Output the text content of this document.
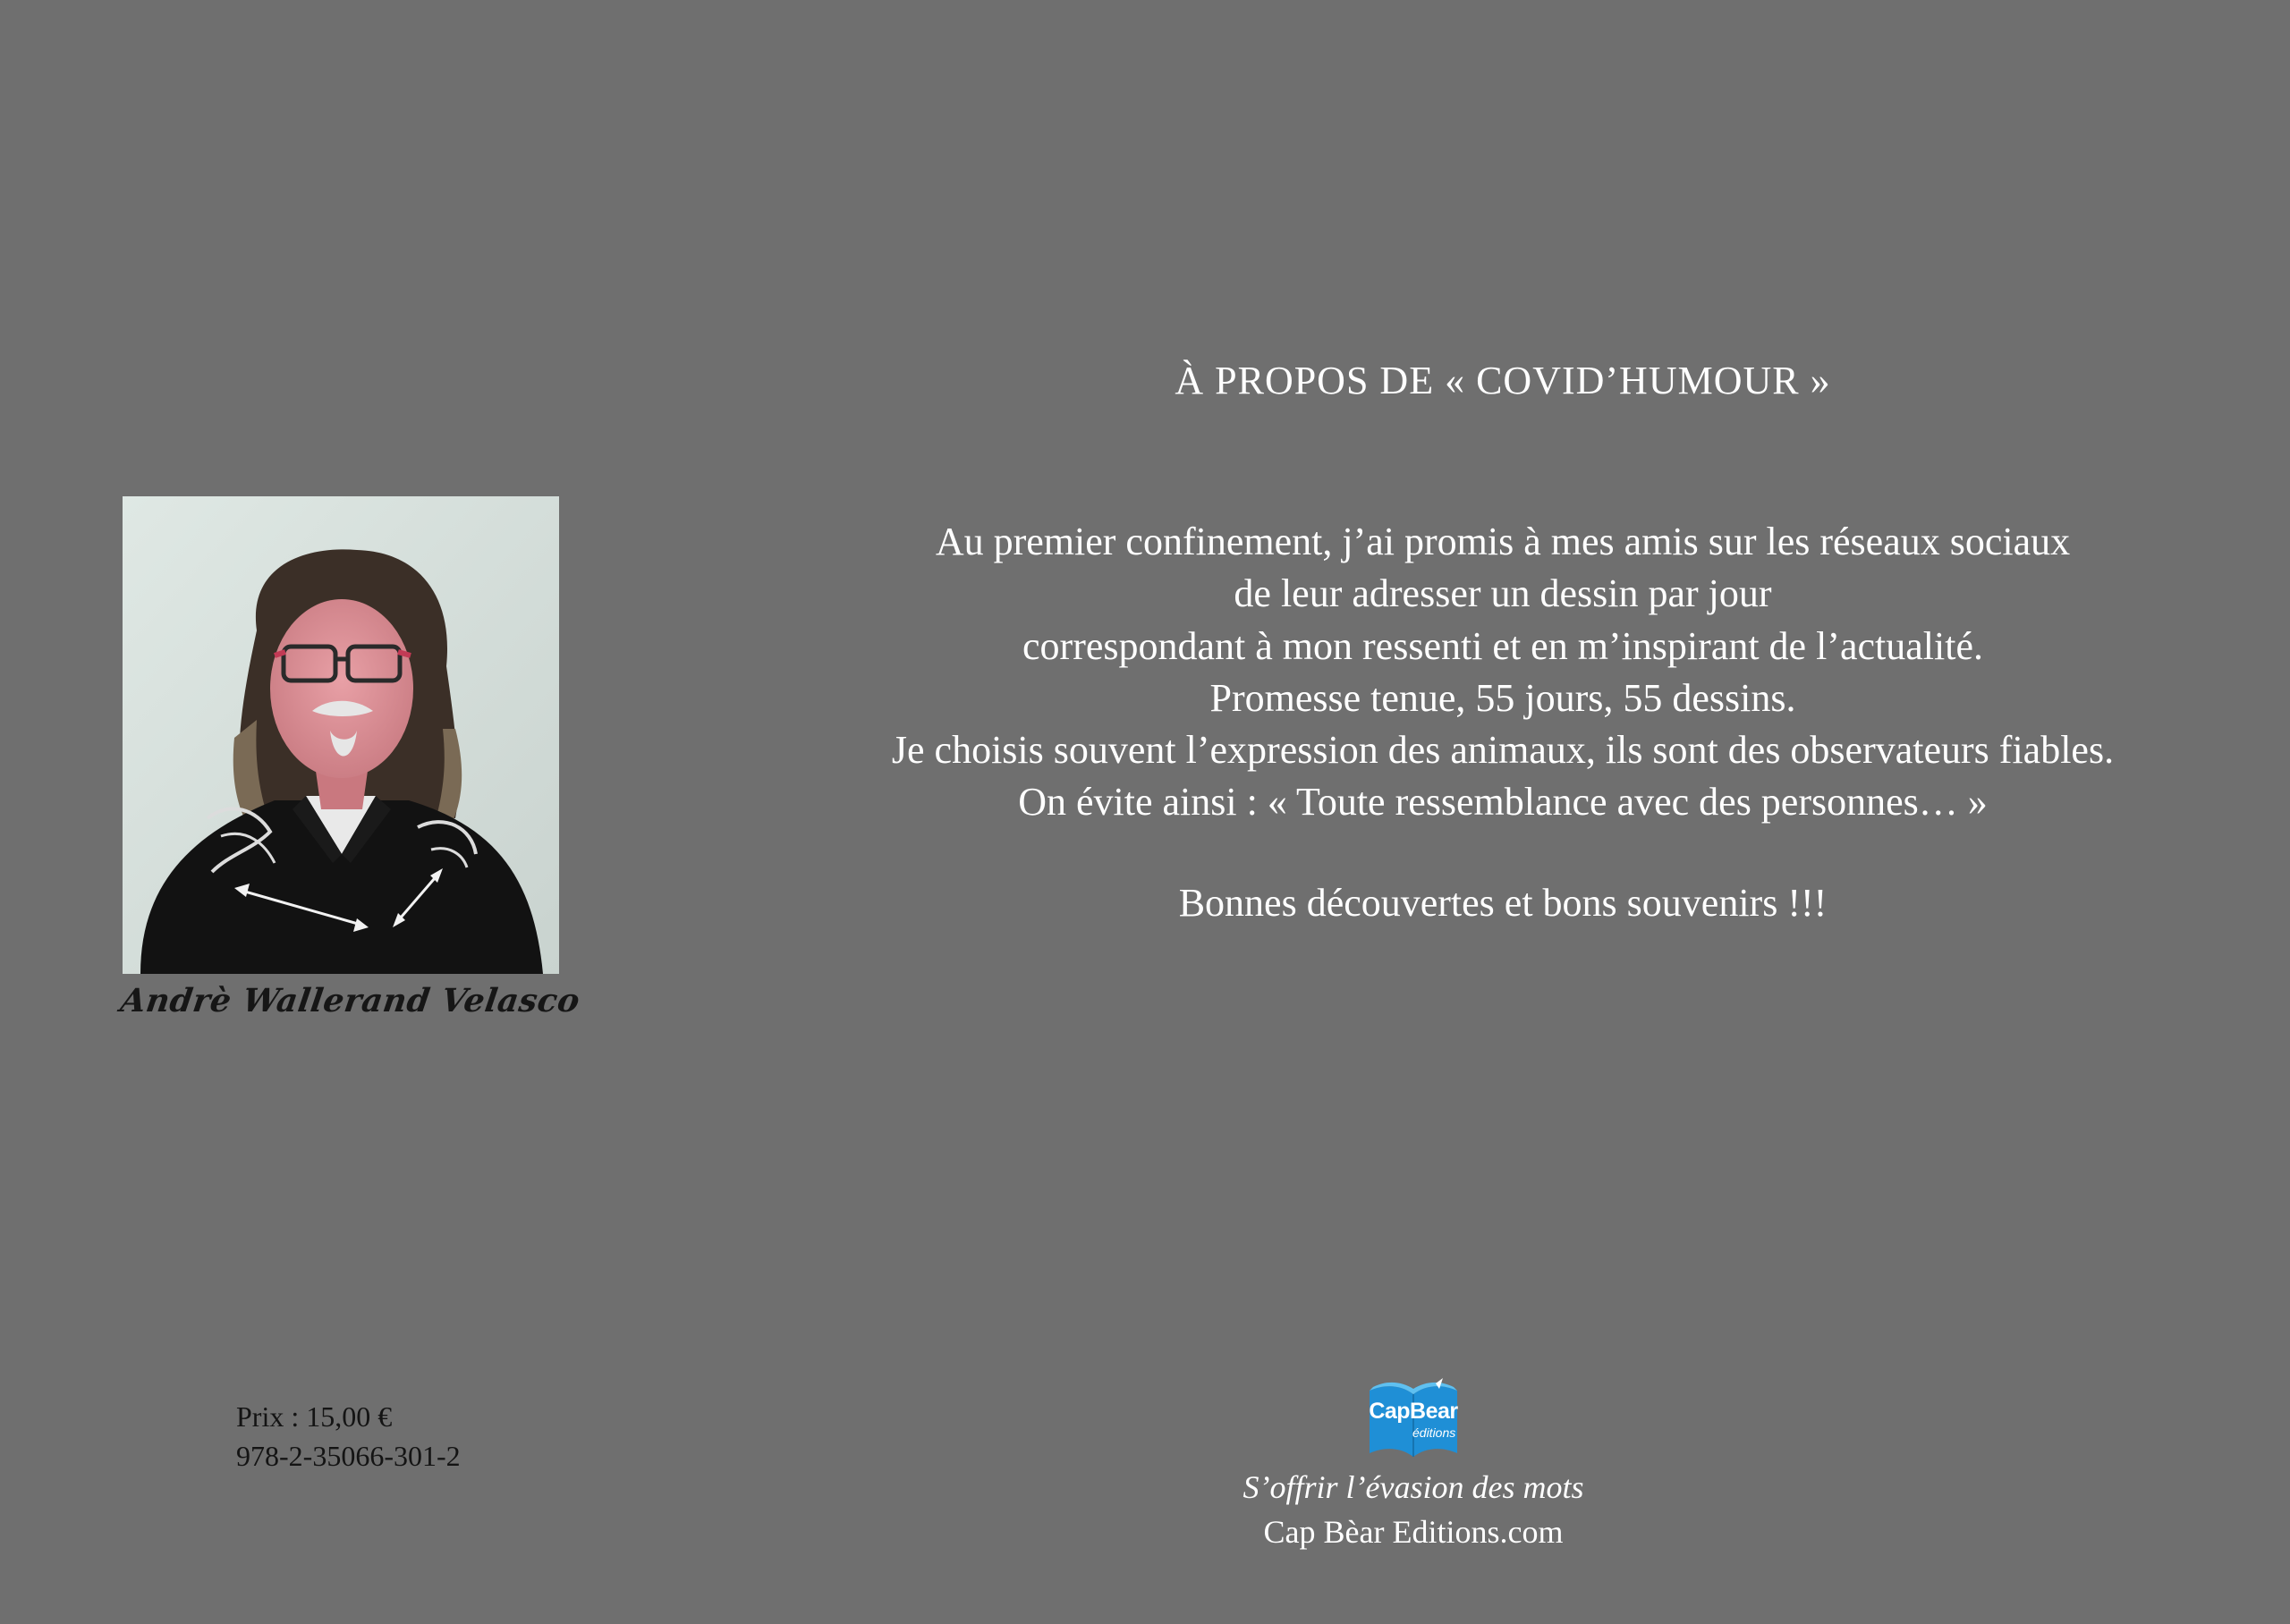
Andrè Wallerand Velasco
Prix : 15,00 €
978-2-35066-301-2
À PROPOS DE « COVID’HUMOUR »
Au premier confinement, j’ai promis à mes amis sur les réseaux sociaux
de leur adresser un dessin par jour
correspondant à mon ressenti et en m’inspirant de l’actualité.
Promesse tenue, 55 jours, 55 dessins.
Je choisis souvent l’expression des animaux, ils sont des observateurs fiables.
On évite ainsi : « Toute ressemblance avec des personnes… »
Bonnes découvertes et bons souvenirs !!!
CapBear
éditions
S’offrir l’évasion des mots
Cap Bèar Editions.com
